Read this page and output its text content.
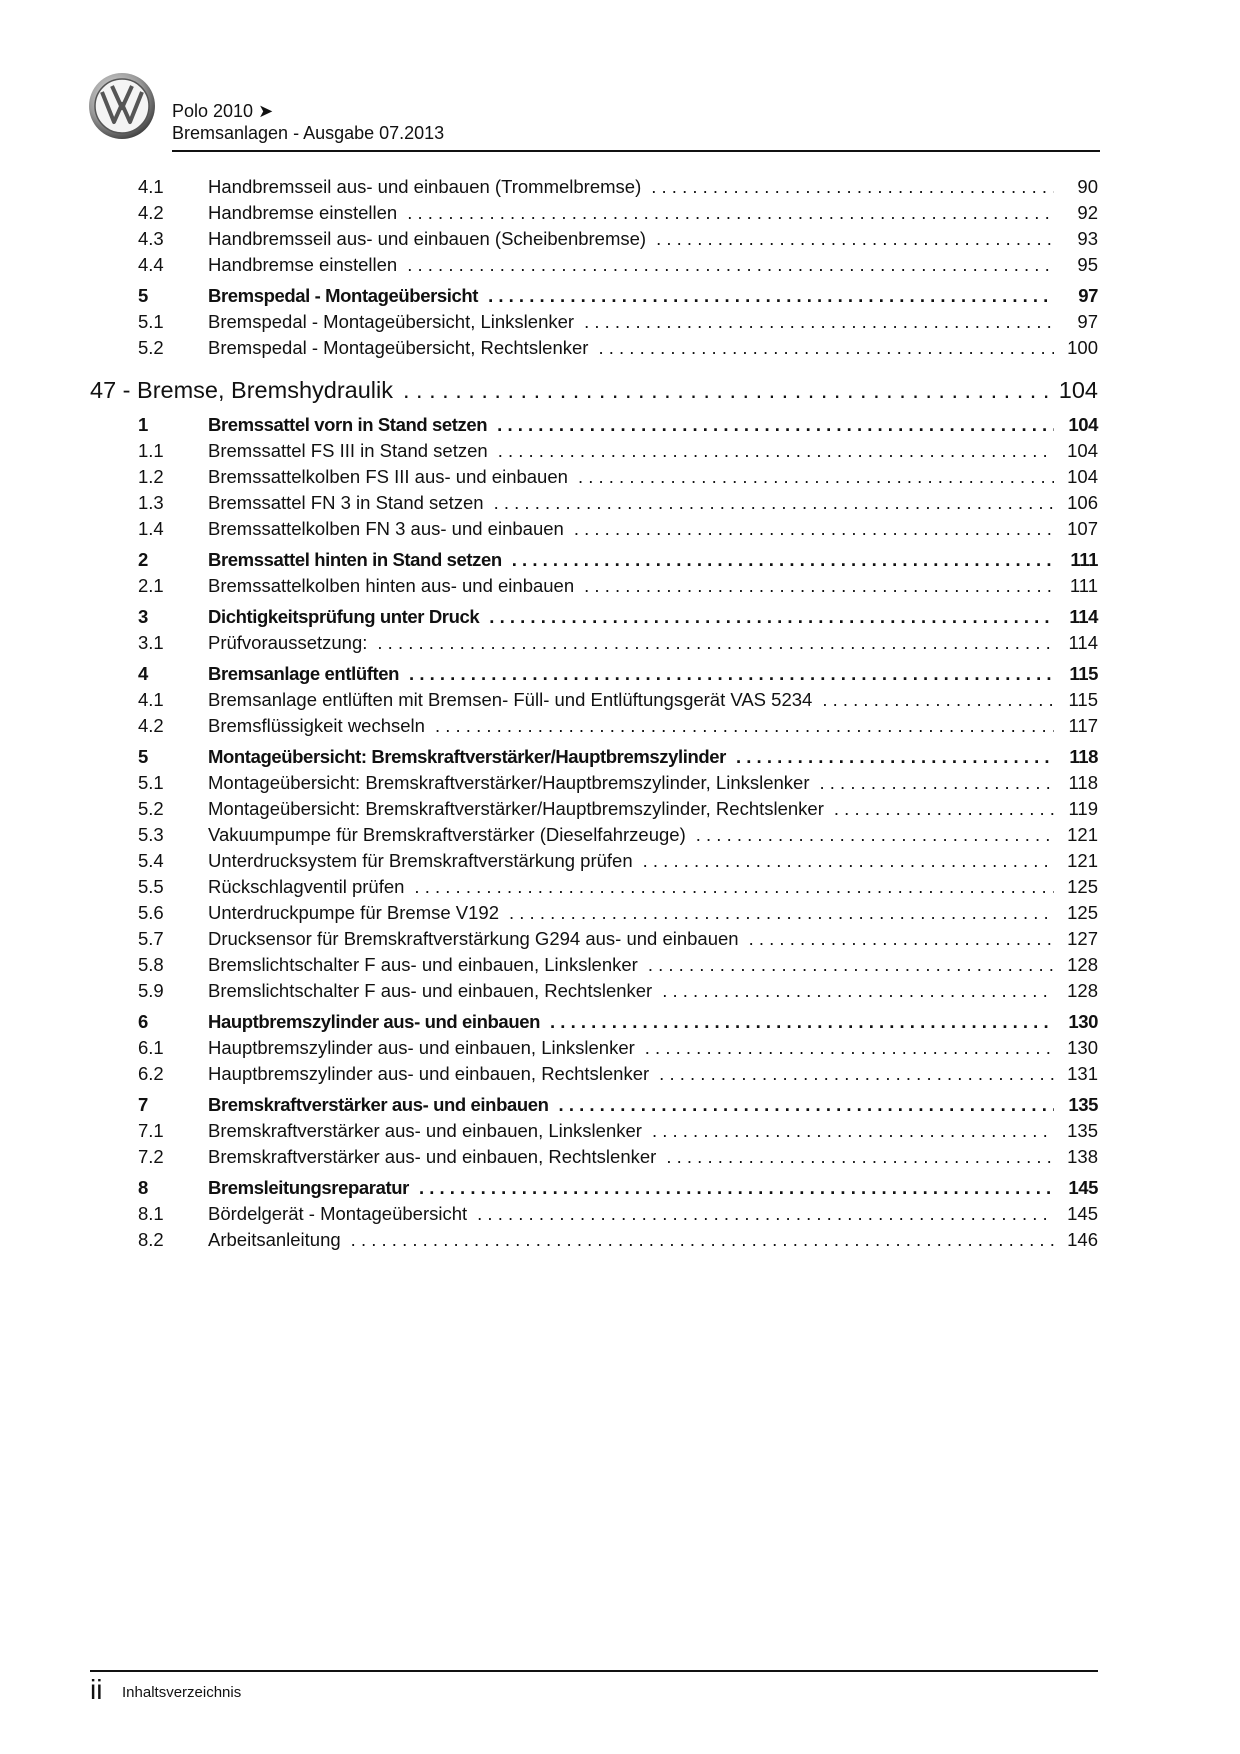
Polo 2010 ➤
Bremsanlagen - Ausgabe 07.2013
4.1 Handbremsseil aus- und einbauen (Trommelbremse) . . .	90
4.2 Handbremse einstellen . . .	92
4.3 Handbremsseil aus- und einbauen (Scheibenbremse) . . .	93
4.4 Handbremse einstellen . . .	95
5	Bremspedal - Montageübersicht . . .	97
5.1 Bremspedal - Montageübersicht, Linkslenker . . .	97
5.2 Bremspedal - Montageübersicht, Rechtslenker . . .	100
47 - Bremse, Bremshydraulik . . .	104
1	Bremssattel vorn in Stand setzen . . .	104
1.1 Bremssattel FS III in Stand setzen . . .	104
1.2 Bremssattelkolben FS III aus- und einbauen . . .	104
1.3 Bremssattel FN 3 in Stand setzen . . .	106
1.4 Bremssattelkolben FN 3 aus- und einbauen . . .	107
2	Bremssattel hinten in Stand setzen . . .	111
2.1 Bremssattelkolben hinten aus- und einbauen . . .	111
3	Dichtigkeitsprüfung unter Druck . . .	114
3.1 Prüfvoraussetzung: . . .	114
4	Bremsanlage entlüften . . .	115
4.1 Bremsanlage entlüften mit Bremsen- Füll- und Entlüftungsgerät VAS 5234 . . .	115
4.2 Bremsflüssigkeit wechseln . . .	117
5	Montageübersicht: Bremskraftverstärker/Hauptbremszylinder . . .	118
5.1 Montageübersicht: Bremskraftverstärker/Hauptbremszylinder, Linkslenker . . .	118
5.2 Montageübersicht: Bremskraftverstärker/Hauptbremszylinder, Rechtslenker . . .	119
5.3 Vakuumpumpe für Bremskraftverstärker (Dieselfahrzeuge) . . .	121
5.4 Unterdrucksystem für Bremskraftverstärkung prüfen . . .	121
5.5 Rückschlagventil prüfen . . .	125
5.6 Unterdruckpumpe für Bremse V192 . . .	125
5.7 Drucksensor für Bremskraftverstärkung G294 aus- und einbauen . . .	127
5.8 Bremslichtschalter F aus- und einbauen, Linkslenker . . .	128
5.9 Bremslichtschalter F aus- und einbauen, Rechtslenker . . .	128
6	Hauptbremszylinder aus- und einbauen . . .	130
6.1 Hauptbremszylinder aus- und einbauen, Linkslenker . . .	130
6.2 Hauptbremszylinder aus- und einbauen, Rechtslenker . . .	131
7	Bremskraftverstärker aus- und einbauen . . .	135
7.1 Bremskraftverstärker aus- und einbauen, Linkslenker . . .	135
7.2 Bremskraftverstärker aus- und einbauen, Rechtslenker . . .	138
8	Bremsleitungsreparatur . . .	145
8.1 Bördelgerät - Montageübersicht . . .	145
8.2 Arbeitsanleitung . . .	146
ii Inhaltsverzeichnis
